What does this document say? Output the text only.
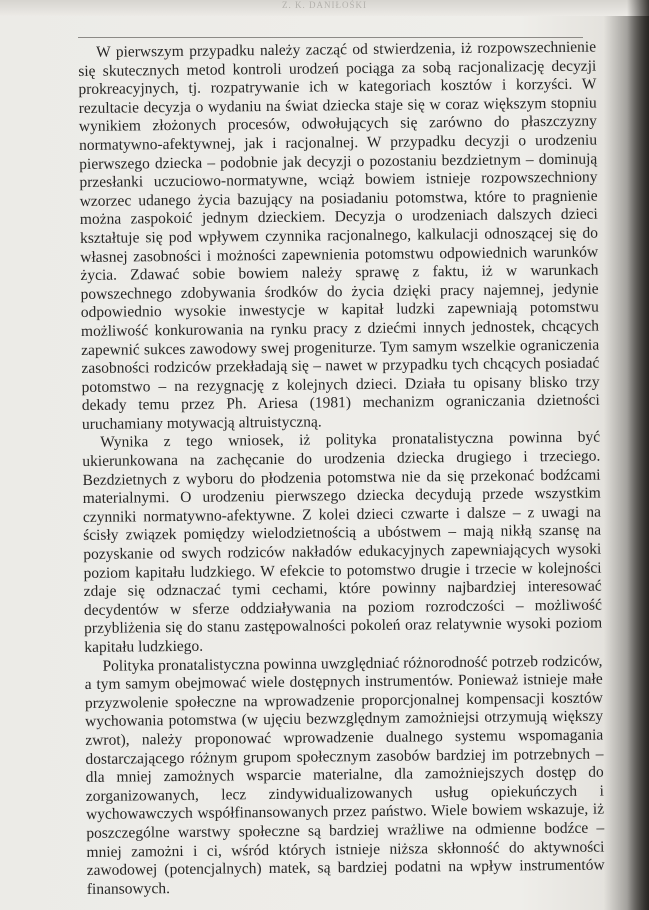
Z. K. DANIŁOŚKI

W pierwszym przypadku należy zacząć od stwierdzenia, iż rozpowszechnienie się skutecznych metod kontroli urodzeń pociąga za sobą racjonalizację decyzji prokreacyjnych, tj. rozpatrywanie ich w kategoriach kosztów i korzyści. W rezultacie decyzja o wydaniu na świat dziecka staje się w coraz większym stopniu wynikiem złożonych procesów, odwołujących się zarówno do płaszczyzny normatywno-afektywnej, jak i racjonalnej. W przypadku decyzji o urodzeniu pierwszego dziecka – podobnie jak decyzji o pozostaniu bezdzietnym – dominują przesłanki uczuciowo-normatywne, wciąż bowiem istnieje rozpowszechniony wzorzec udanego życia bazujący na posiadaniu potomstwa, które to pragnienie można zaspokoić jednym dzieckiem. Decyzja o urodzeniach dalszych dzieci kształtuje się pod wpływem czynnika racjonalnego, kalkulacji odnoszącej się do własnej zasobności i możności zapewnienia potomstwu odpowiednich warunków życia. Zdawać sobie bowiem należy sprawę z faktu, iż w warunkach powszechnego zdobywania środków do życia dzięki pracy najemnej, jedynie odpowiednio wysokie inwestycje w kapitał ludzki zapewniają potomstwu możliwość konkurowania na rynku pracy z dziećmi innych jednostek, chcących zapewnić sukces zawodowy swej progeniturze. Tym samym wszelkie ograniczenia zasobności rodziców przekładają się – nawet w przypadku tych chcących posiadać potomstwo – na rezygnację z kolejnych dzieci. Działa tu opisany blisko trzy dekady temu przez Ph. Ariesa (1981) mechanizm ograniczania dzietności uruchamiany motywacją altruistyczną.

Wynika z tego wniosek, iż polityka pronatalistyczna powinna być ukierunkowana na zachęcanie do urodzenia dziecka drugiego i trzeciego. Bezdzietnych z wyboru do płodzenia potomstwa nie da się przekonać bodźcami materialnymi. O urodzeniu pierwszego dziecka decydują przede wszystkim czynniki normatywno-afektywne. Z kolei dzieci czwarte i dalsze – z uwagi na ścisły związek pomiędzy wielodzietnością a ubóstwem – mają nikłą szansę na pozyskanie od swych rodziców nakładów edukacyjnych zapewniających wysoki poziom kapitału ludzkiego. W efekcie to potomstwo drugie i trzecie w kolejności zdaje się odznaczać tymi cechami, które powinny najbardziej interesować decydentów w sferze oddziaływania na poziom rozrodczości – możliwość przybliżenia się do stanu zastępowalności pokoleń oraz relatywnie wysoki poziom kapitału ludzkiego.

Polityka pronatalistyczna powinna uwzględniać różnorodność potrzeb rodziców, a tym samym obejmować wiele dostępnych instrumentów. Ponieważ istnieje małe przyzwolenie społeczne na wprowadzenie proporcjonalnej kompensacji kosztów wychowania potomstwa (w ujęciu bezwzględnym zamożniejsi otrzymują większy zwrot), należy proponować wprowadzenie dualnego systemu wspomagania dostarczającego różnym grupom społecznym zasobów bardziej im potrzebnych – dla mniej zamożnych wsparcie materialne, dla zamożniejszych dostęp do zorganizowanych, lecz zindywidualizowanych usług opiekuńczych i wychowawczych współfinansowanych przez państwo. Wiele bowiem wskazuje, iż poszczególne warstwy społeczne są bardziej wrażliwe na odmienne bodźce – mniej zamożni i ci, wśród których istnieje niższa skłonność do aktywności zawodowej (potencjalnych) matek, są bardziej podatni na wpływ instrumentów finansowych.
